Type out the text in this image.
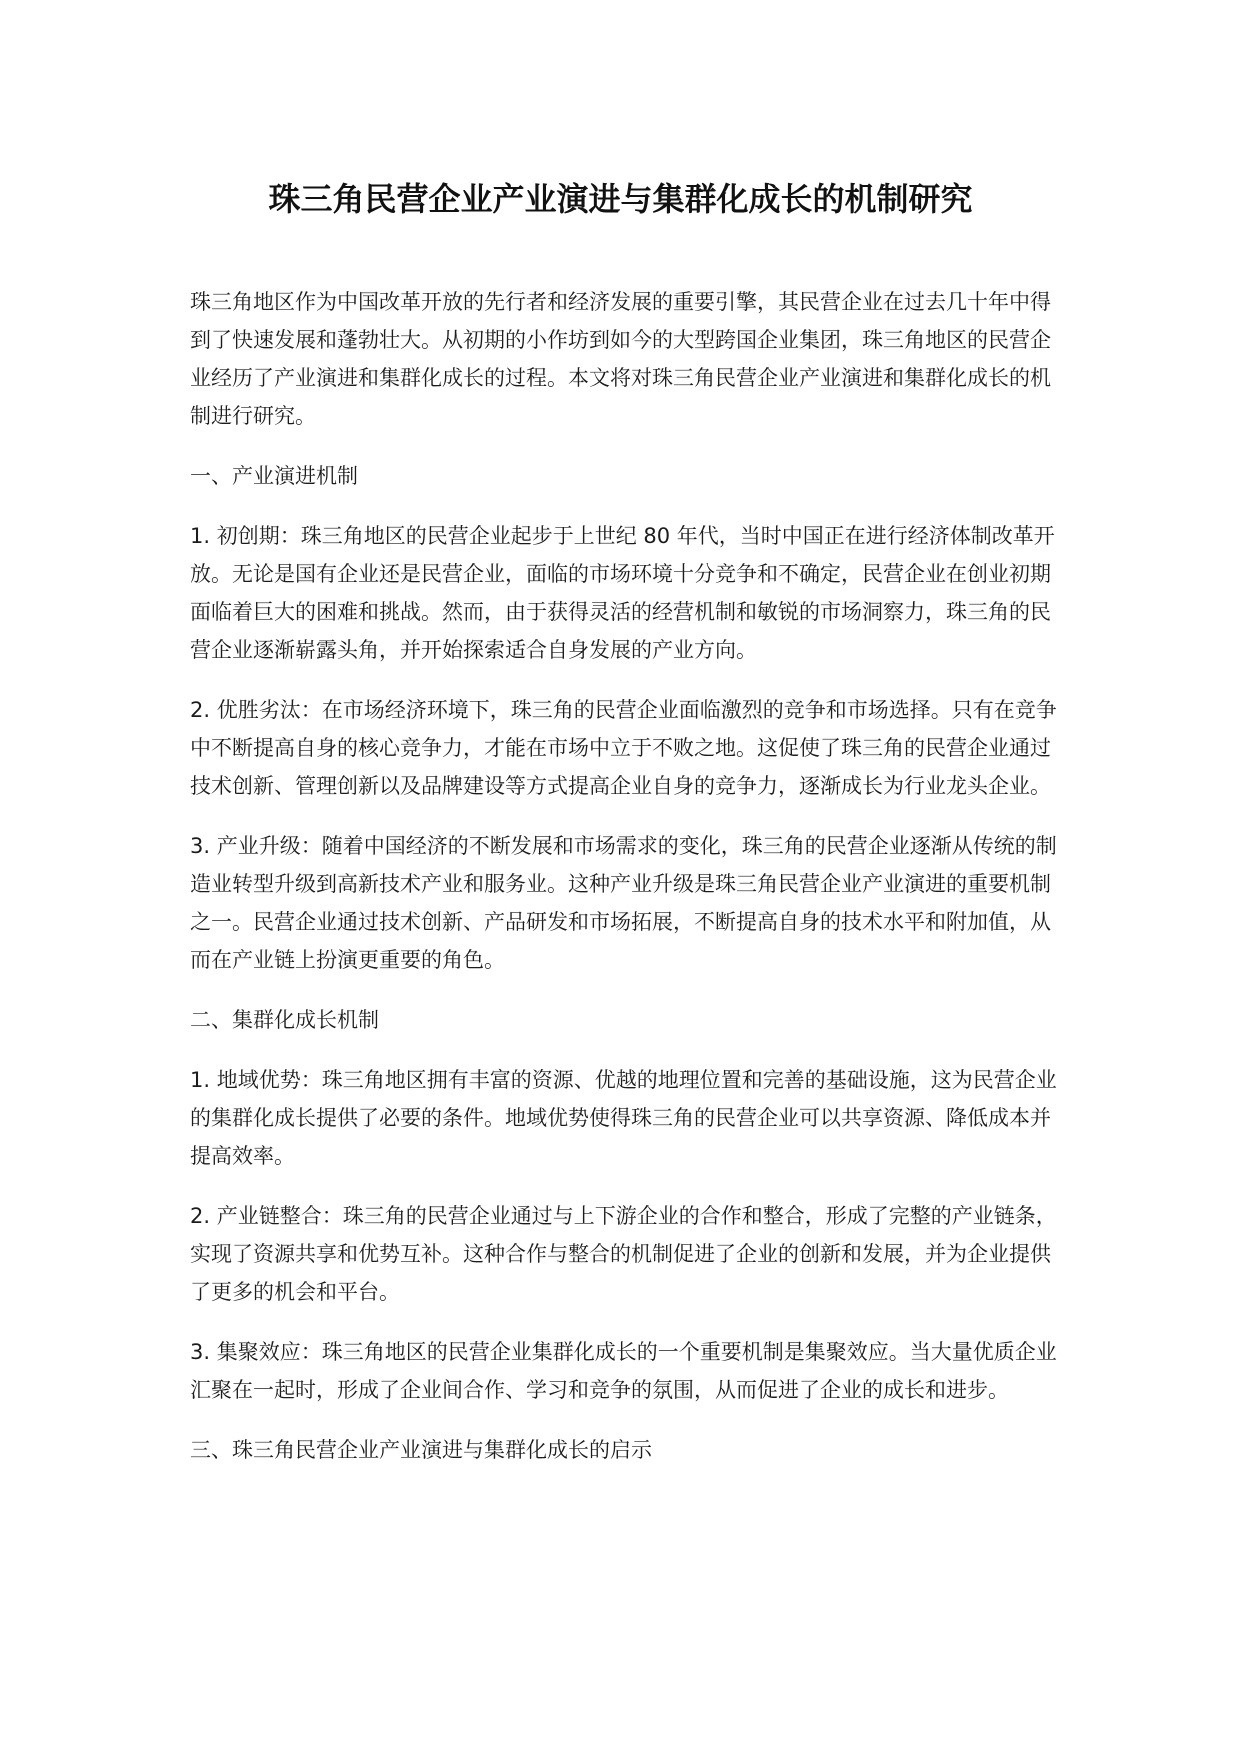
珠三角民营企业产业演进与集群化成长的机制研究

珠三角地区作为中国改革开放的先行者和经济发展的重要引擎，其民营企业在过去几十年中得到了快速发展和蓬勃壮大。从初期的小作坊到如今的大型跨国企业集团，珠三角地区的民营企业经历了产业演进和集群化成长的过程。本文将对珠三角民营企业产业演进和集群化成长的机制进行研究。

一、产业演进机制

1. 初创期：珠三角地区的民营企业起步于上世纪 80 年代，当时中国正在进行经济体制改革开放。无论是国有企业还是民营企业，面临的市场环境十分竞争和不确定，民营企业在创业初期面临着巨大的困难和挑战。然而，由于获得灵活的经营机制和敏锐的市场洞察力，珠三角的民营企业逐渐崭露头角，并开始探索适合自身发展的产业方向。

2. 优胜劣汰：在市场经济环境下，珠三角的民营企业面临激烈的竞争和市场选择。只有在竞争中不断提高自身的核心竞争力，才能在市场中立于不败之地。这促使了珠三角的民营企业通过技术创新、管理创新以及品牌建设等方式提高企业自身的竞争力，逐渐成长为行业龙头企业。

3. 产业升级：随着中国经济的不断发展和市场需求的变化，珠三角的民营企业逐渐从传统的制造业转型升级到高新技术产业和服务业。这种产业升级是珠三角民营企业产业演进的重要机制之一。民营企业通过技术创新、产品研发和市场拓展，不断提高自身的技术水平和附加值，从而在产业链上扮演更重要的角色。

二、集群化成长机制

1. 地域优势：珠三角地区拥有丰富的资源、优越的地理位置和完善的基础设施，这为民营企业的集群化成长提供了必要的条件。地域优势使得珠三角的民营企业可以共享资源、降低成本并提高效率。

2. 产业链整合：珠三角的民营企业通过与上下游企业的合作和整合，形成了完整的产业链条，实现了资源共享和优势互补。这种合作与整合的机制促进了企业的创新和发展，并为企业提供了更多的机会和平台。

3. 集聚效应：珠三角地区的民营企业集群化成长的一个重要机制是集聚效应。当大量优质企业汇聚在一起时，形成了企业间合作、学习和竞争的氛围，从而促进了企业的成长和进步。

三、珠三角民营企业产业演进与集群化成长的启示
